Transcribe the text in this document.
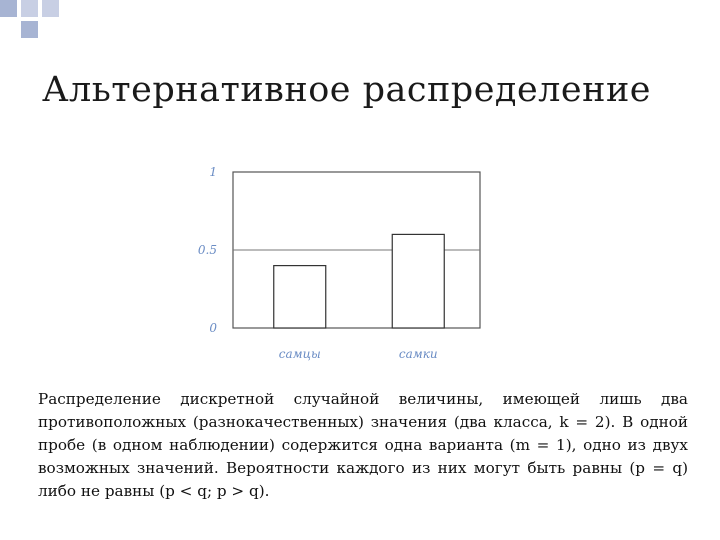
Альтернативное распределение
0
0.5
1
самцы	самки
Распределение дискретной случайной величины, имеющей лишь два противоположных (разнокачественных) значения (два класса, k = 2). В одной пробе (в одном наблюдении) содержится одна варианта (m = 1), одно из двух возможных значений. Вероятности каждого из них могут быть равны (p = q) либо не равны (p < q; p > q).
